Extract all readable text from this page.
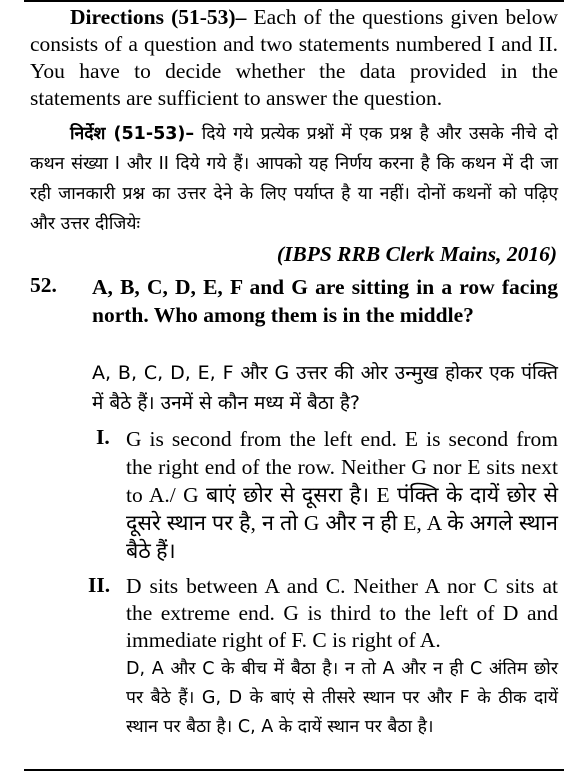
Directions (51-53)– Each of the questions given below consists of a question and two statements numbered I and II. You have to decide whether the data provided in the statements are sufficient to answer the question.

निर्देश (51-53)– दिये गये प्रत्येक प्रश्नों में एक प्रश्न है और उसके नीचे दो कथन संख्या I और II दिये गये हैं। आपको यह निर्णय करना है कि कथन में दी जा रही जानकारी प्रश्न का उत्तर देने के लिए पर्याप्त है या नहीं। दोनों कथनों को पढ़िए और उत्तर दीजियेः

(IBPS RRB Clerk Mains, 2016)
52. A, B, C, D, E, F and G are sitting in a row facing north. Who among them is in the middle?

A, B, C, D, E, F और G उत्तर की ओर उन्मुख होकर एक पंक्ति में बैठे हैं। उनमें से कौन मध्य में बैठा है?

I. G is second from the left end. E is second from the right end of the row. Neither G nor E sits next to A./ G बाएं छोर से दूसरा है। E पंक्ति के दायें छोर से दूसरे स्थान पर है, न तो G और न ही E, A के अगले स्थान बैठे हैं।

II. D sits between A and C. Neither A nor C sits at the extreme end. G is third to the left of D and immediate right of F. C is right of A.

D, A और C के बीच में बैठा है। न तो A और न ही C अंतिम छोर पर बैठे हैं। G, D के बाएं से तीसरे स्थान पर और F के ठीक दायें स्थान पर बैठा है। C, A के दायें स्थान पर बैठा है।
